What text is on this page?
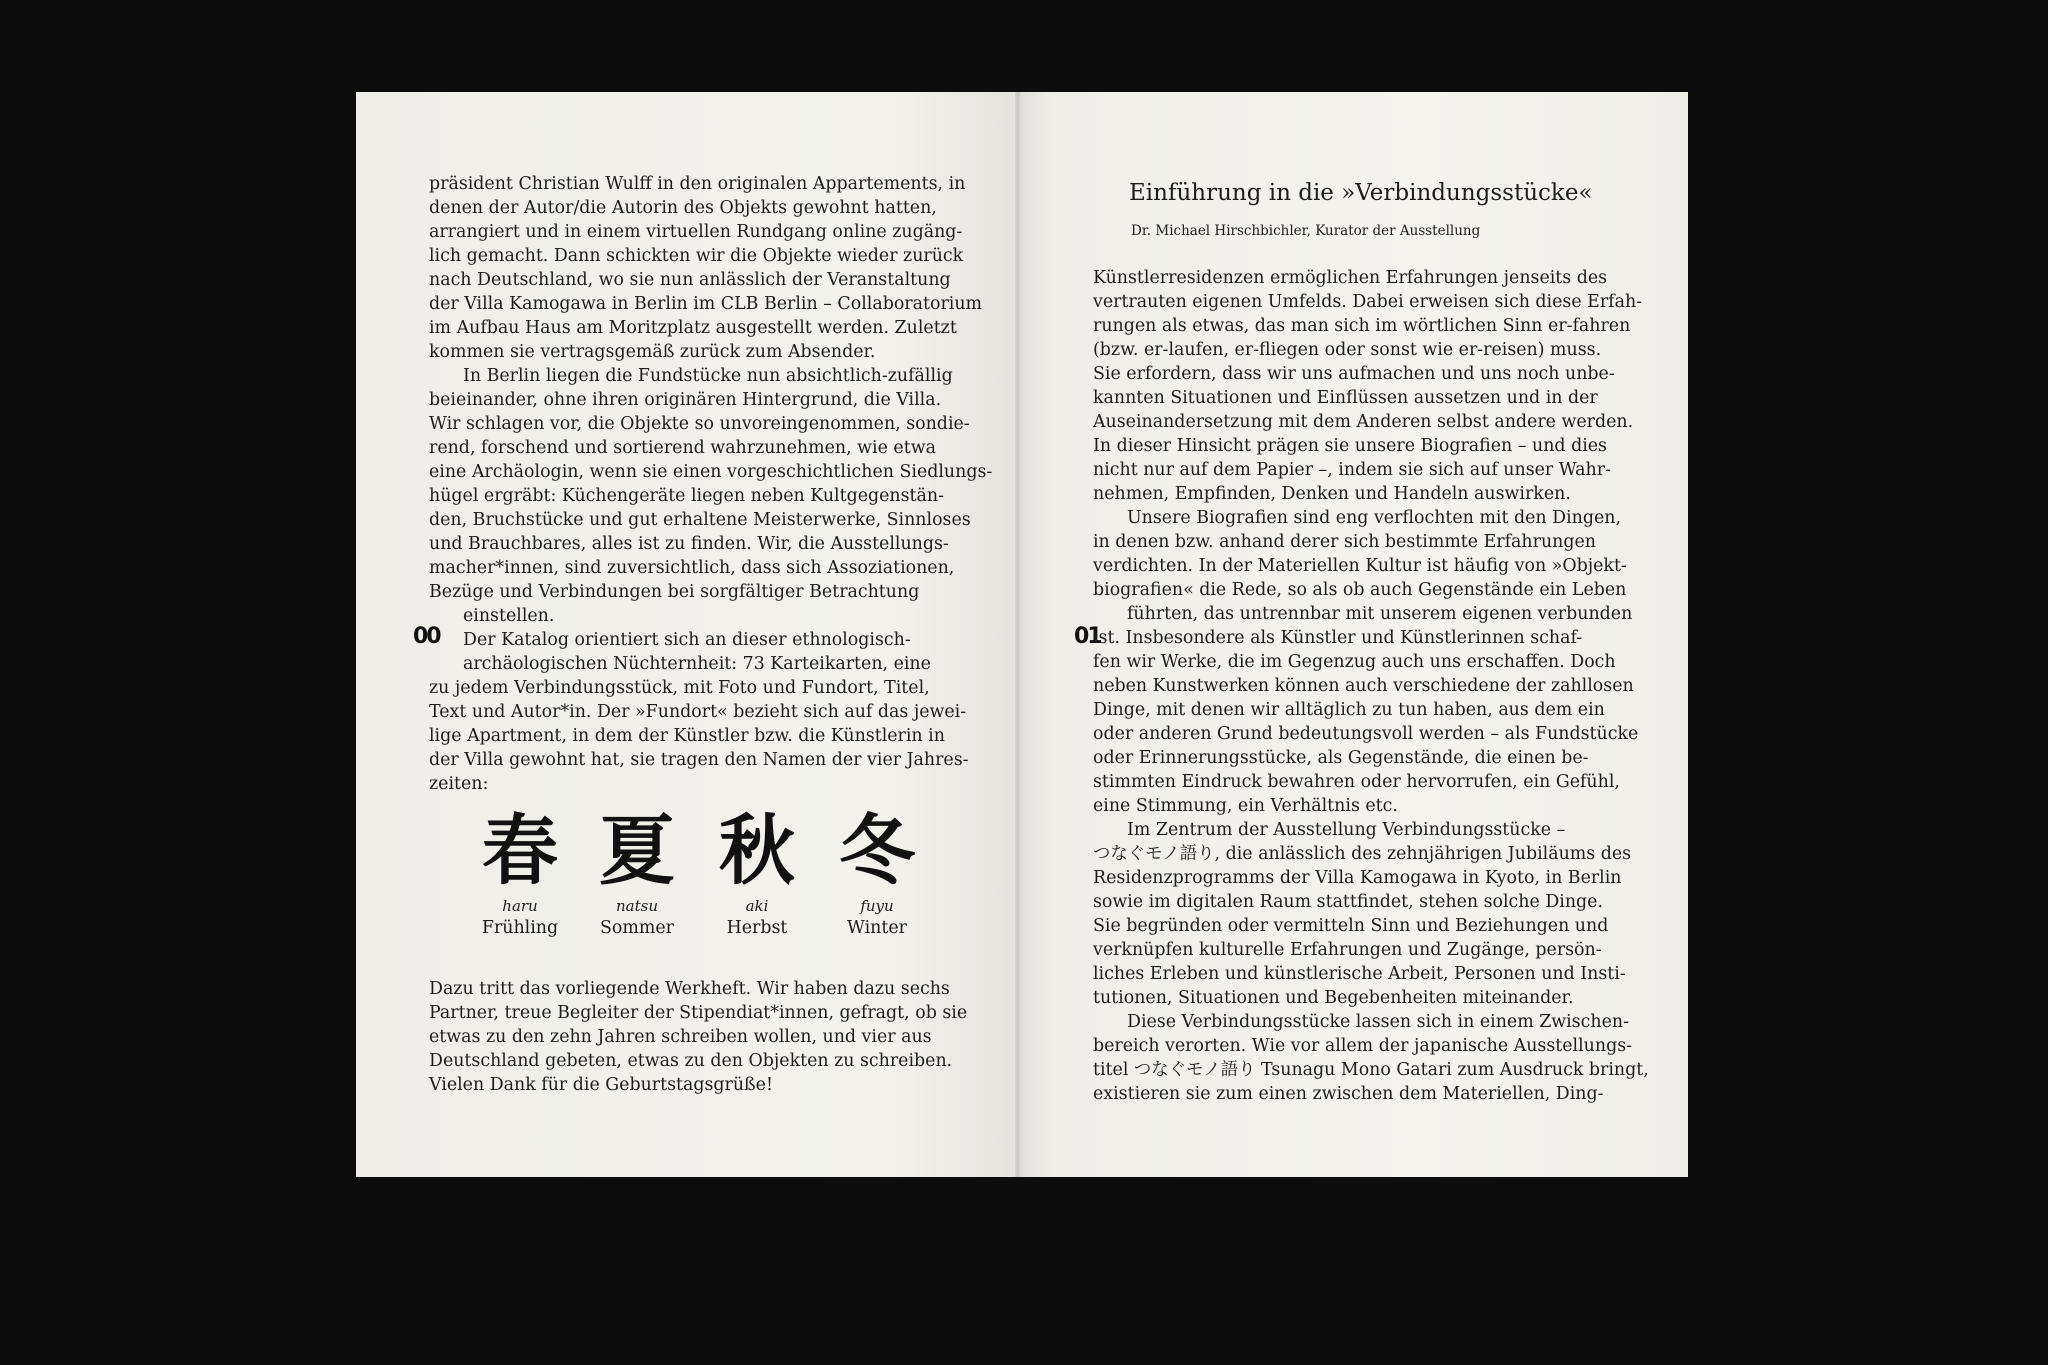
präsident Christian Wulff in den originalen Appartements, in

denen der Autor/die Autorin des Objekts gewohnt hatten,

arrangiert und in einem virtuellen Rundgang online zugäng-

lich gemacht. Dann schickten wir die Objekte wieder zurück

nach Deutschland, wo sie nun anlässlich der Veranstaltung

der Villa Kamogawa in Berlin im CLB Berlin – Collaboratorium

im Aufbau Haus am Moritzplatz ausgestellt werden. Zuletzt

kommen sie vertragsgemäß zurück zum Absender.

In Berlin liegen die Fundstücke nun absichtlich-zufällig

beieinander, ohne ihren originären Hintergrund, die Villa.

Wir schlagen vor, die Objekte so unvoreingenommen, sondie-

rend, forschend und sortierend wahrzunehmen, wie etwa

eine Archäologin, wenn sie einen vorgeschichtlichen Siedlungs-

hügel ergräbt: Küchengeräte liegen neben Kultgegenstän-

den, Bruchstücke und gut erhaltene Meisterwerke, Sinnloses

und Brauchbares, alles ist zu finden. Wir, die Ausstellungs-

macher*innen, sind zuversichtlich, dass sich Assoziationen,

Bezüge und Verbindungen bei sorgfältiger Betrachtung

einstellen.

Der Katalog orientiert sich an dieser ethnologisch-

archäologischen Nüchternheit: 73 Karteikarten, eine

zu jedem Verbindungsstück, mit Foto und Fundort, Titel,

Text und Autor*in. Der »Fundort« bezieht sich auf das jewei-

lige Apartment, in dem der Künstler bzw. die Künstlerin in

der Villa gewohnt hat, sie tragen den Namen der vier Jahres-

zeiten:

00
春
haru
Frühling
夏
natsu
Sommer
秋
aki
Herbst
冬
fuyu
Winter

Dazu tritt das vorliegende Werkheft. Wir haben dazu sechs

Partner, treue Begleiter der Stipendiat*innen, gefragt, ob sie

etwas zu den zehn Jahren schreiben wollen, und vier aus

Deutschland gebeten, etwas zu den Objekten zu schreiben.

Vielen Dank für die Geburtstagsgrüße!

Einführung in die »Verbindungsstücke«
Dr. Michael Hirschbichler, Kurator der Ausstellung
01

Künstlerresidenzen ermöglichen Erfahrungen jenseits des

vertrauten eigenen Umfelds. Dabei erweisen sich diese Erfah-

rungen als etwas, das man sich im wörtlichen Sinn er-fahren

(bzw. er-laufen, er-fliegen oder sonst wie er-reisen) muss.

Sie erfordern, dass wir uns aufmachen und uns noch unbe-

kannten Situationen und Einflüssen aussetzen und in der

Auseinandersetzung mit dem Anderen selbst andere werden.

In dieser Hinsicht prägen sie unsere Biografien – und dies

nicht nur auf dem Papier –, indem sie sich auf unser Wahr-

nehmen, Empfinden, Denken und Handeln auswirken.

Unsere Biografien sind eng verflochten mit den Dingen,

in denen bzw. anhand derer sich bestimmte Erfahrungen

verdichten. In der Materiellen Kultur ist häufig von »Objekt-

biografien« die Rede, so als ob auch Gegenstände ein Leben

führten, das untrennbar mit unserem eigenen verbunden

ist. Insbesondere als Künstler und Künstlerinnen schaf-

fen wir Werke, die im Gegenzug auch uns erschaffen. Doch

neben Kunstwerken können auch verschiedene der zahllosen

Dinge, mit denen wir alltäglich zu tun haben, aus dem ein

oder anderen Grund bedeutungsvoll werden – als Fundstücke

oder Erinnerungsstücke, als Gegenstände, die einen be-

stimmten Eindruck bewahren oder hervorrufen, ein Gefühl,

eine Stimmung, ein Verhältnis etc.

Im Zentrum der Ausstellung Verbindungsstücke –

つなぐモノ語り, die anlässlich des zehnjährigen Jubiläums des

Residenzprogramms der Villa Kamogawa in Kyoto, in Berlin

sowie im digitalen Raum stattfindet, stehen solche Dinge.

Sie begründen oder vermitteln Sinn und Beziehungen und

verknüpfen kulturelle Erfahrungen und Zugänge, persön-

liches Erleben und künstlerische Arbeit, Personen und Insti-

tutionen, Situationen und Begebenheiten miteinander.

Diese Verbindungsstücke lassen sich in einem Zwischen-

bereich verorten. Wie vor allem der japanische Ausstellungs-

titel つなぐモノ語り Tsunagu Mono Gatari zum Ausdruck bringt,

existieren sie zum einen zwischen dem Materiellen, Ding-
